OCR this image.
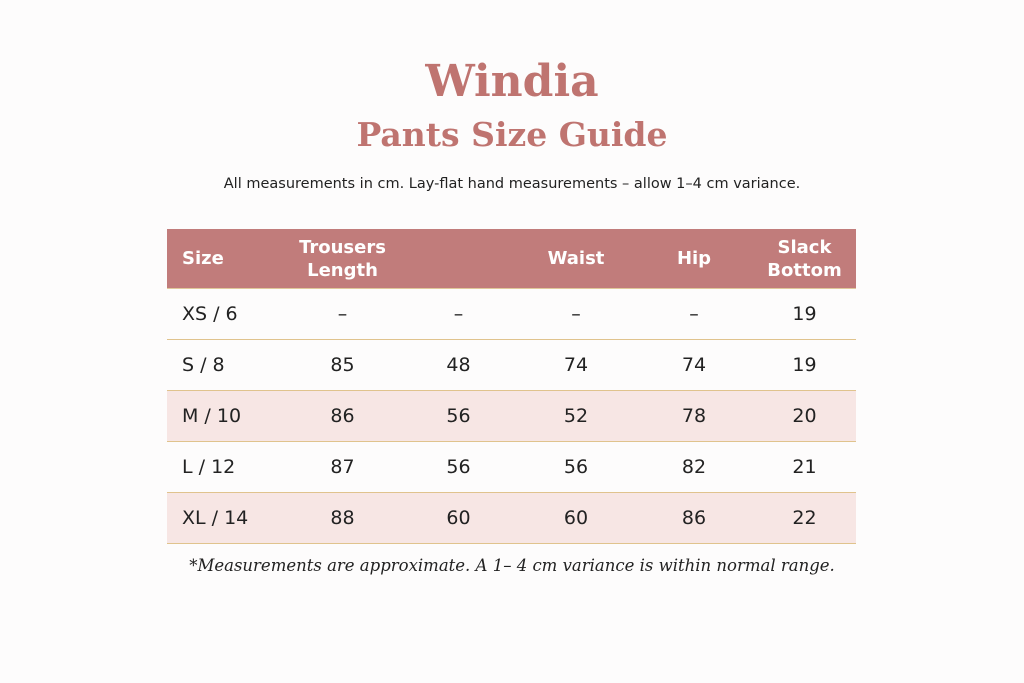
Windia
Pants Size Guide
All measurements in cm. Lay-flat hand measurements – allow 1–4 cm variance.
Size	Trousers Length		Waist	Hip	Slack Bottom

XS / 6	–	–	–	–	19
S / 8	85	48	74	74	19
M / 10	86	56	52	78	20
L / 12	87	56	56	82	21
XL / 14	88	60	60	86	22
*Measurements are approximate. A 1– 4 cm variance is within normal range.
